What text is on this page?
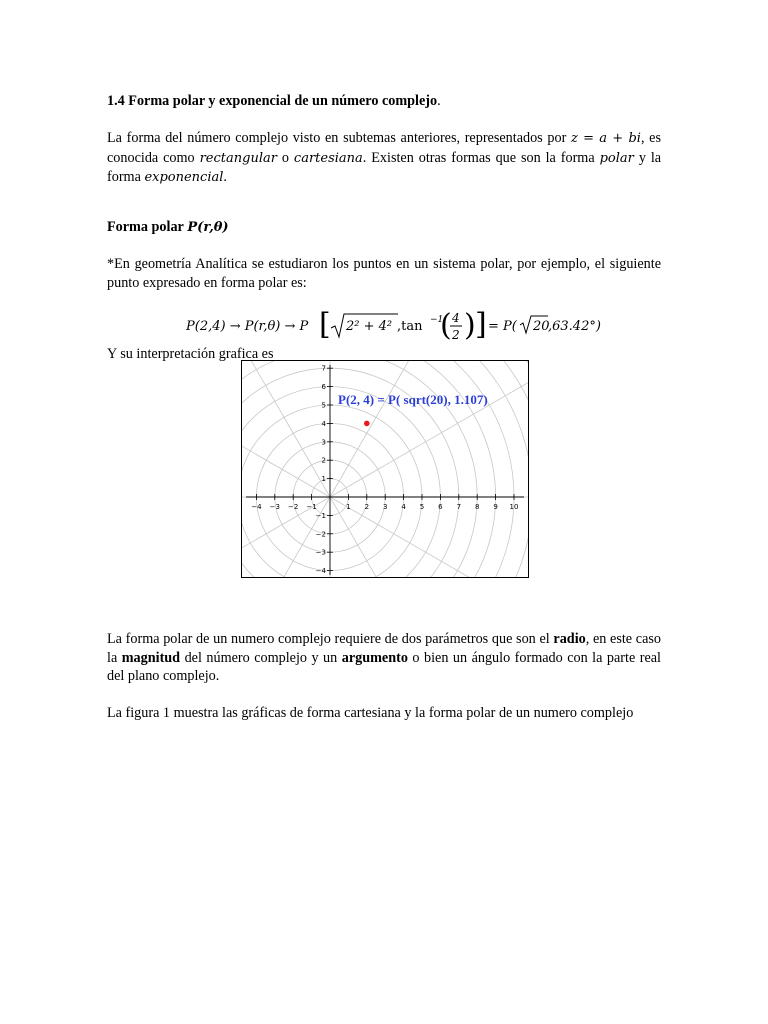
1.4 Forma polar y exponencial de un número complejo.

La forma del número complejo visto en subtemas anteriores, representados por z = a + bi, es conocida como rectangular o cartesiana. Existen otras formas que son la forma polar y la forma exponencial.

Forma polar P(r,θ)

*En geometría Analítica se estudiaron los puntos en un sistema polar, por ejemplo, el siguiente punto expresado en forma polar es:

P(2,4) → P(r,θ) → P [ 2² + 4² ,tan −1
( 4
2 ) ] = P( 20
,63.42°)

Y su interpretación grafica es

−4 −3 −2 −1	1 2 3 4 5 6 7 8 9 10
7
6
5
4
3
2
1
−1
−2
−3
−4
P(2, 4) = P( sqrt(20), 1.107)

La forma polar de un numero complejo requiere de dos parámetros que son el radio, en este caso la magnitud del número complejo y un argumento o bien un ángulo formado con la parte real del plano complejo.

La figura 1 muestra las gráficas de forma cartesiana y la forma polar de un numero complejo
